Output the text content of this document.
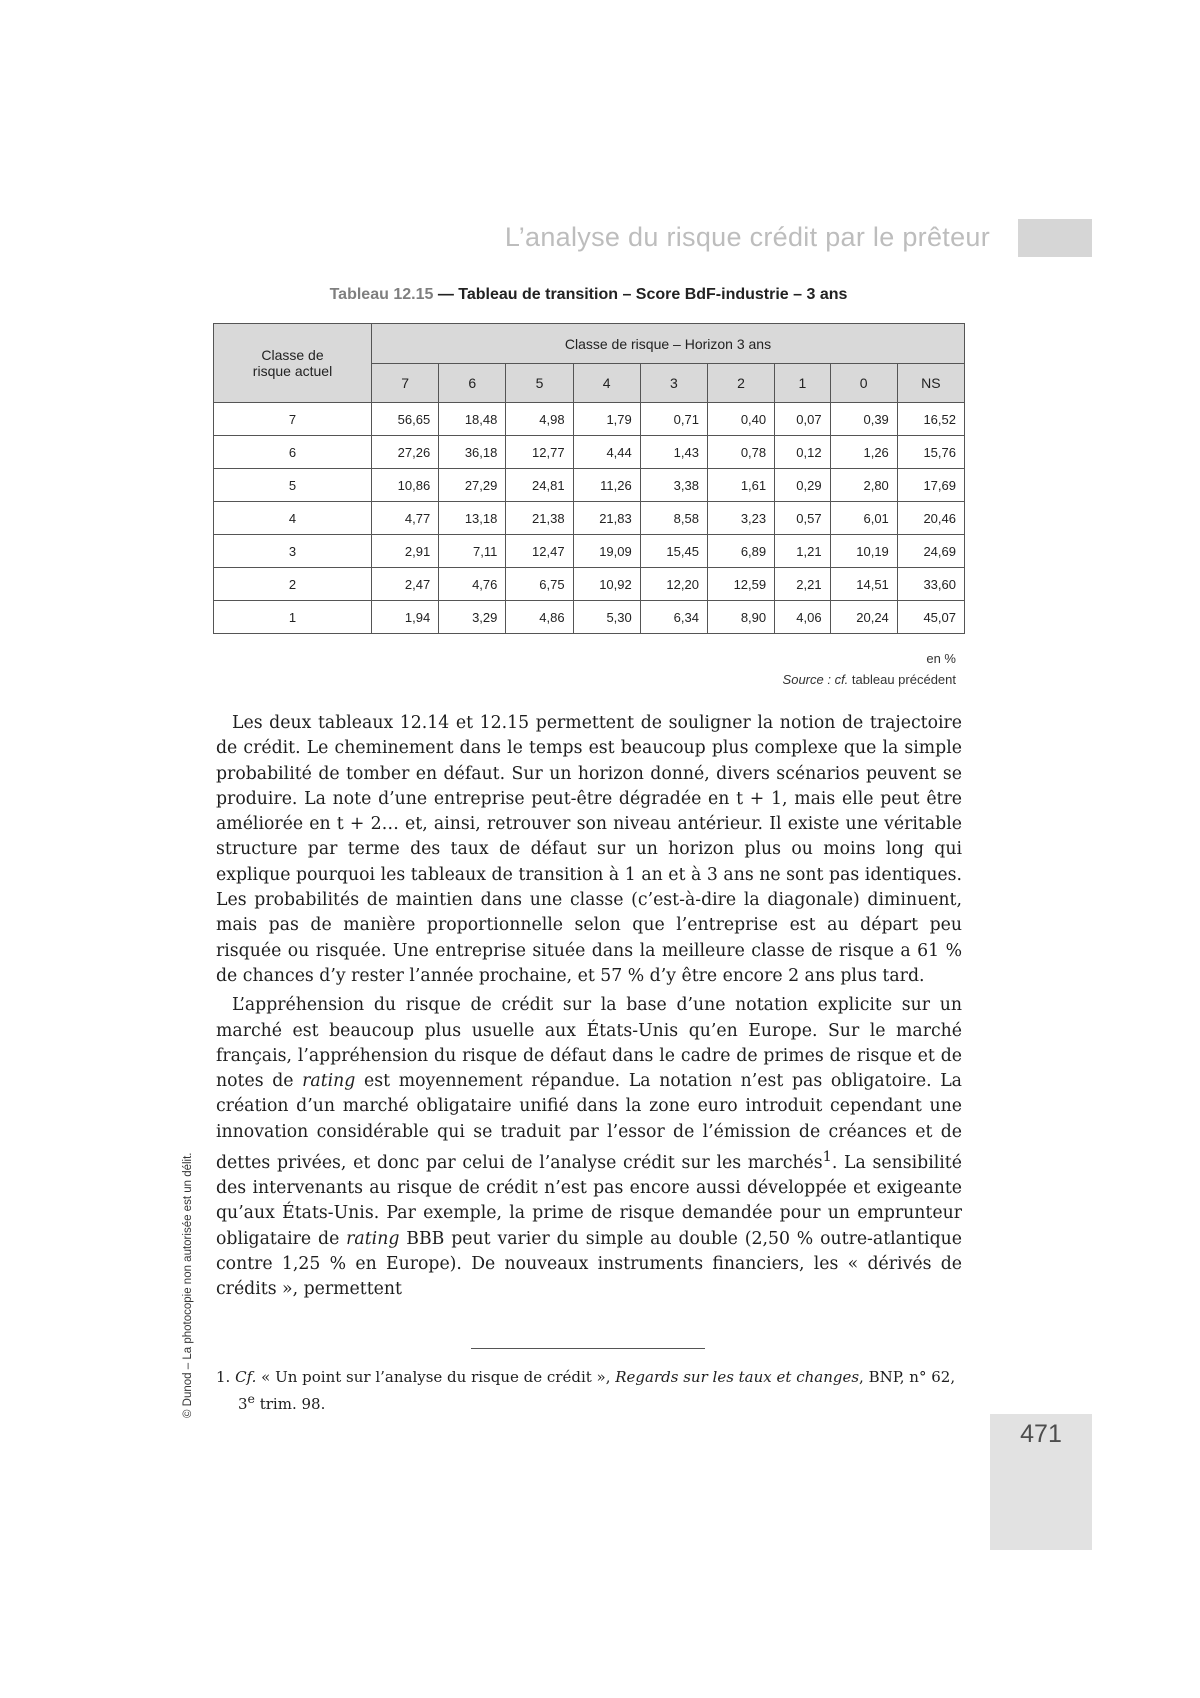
L’analyse du risque crédit par le prêteur
Tableau 12.15 — Tableau de transition – Score BdF-industrie – 3 ans
Classe de
risque actuel	Classe de risque – Horizon 3 ans								
	7	6	5	4	3	2	1	0	NS
7	56,65	18,48	4,98	1,79	0,71	0,40	0,07	0,39	16,52
6	27,26	36,18	12,77	4,44	1,43	0,78	0,12	1,26	15,76
5	10,86	27,29	24,81	11,26	3,38	1,61	0,29	2,80	17,69
4	4,77	13,18	21,38	21,83	8,58	3,23	0,57	6,01	20,46
3	2,91	7,11	12,47	19,09	15,45	6,89	1,21	10,19	24,69
2	2,47	4,76	6,75	10,92	12,20	12,59	2,21	14,51	33,60
1	1,94	3,29	4,86	5,30	6,34	8,90	4,06	20,24	45,07
en %
Source : cf. tableau précédent

Les deux tableaux 12.14 et 12.15 permettent de souligner la notion de trajectoire de crédit. Le cheminement dans le temps est beaucoup plus complexe que la simple probabilité de tomber en défaut. Sur un horizon donné, divers scénarios peuvent se produire. La note d’une entreprise peut-être dégradée en t + 1, mais elle peut être améliorée en t + 2… et, ainsi, retrouver son niveau antérieur. Il existe une véritable structure par terme des taux de défaut sur un horizon plus ou moins long qui explique pourquoi les tableaux de transition à 1 an et à 3 ans ne sont pas identiques. Les probabilités de maintien dans une classe (c’est-à-dire la diagonale) diminuent, mais pas de manière proportionnelle selon que l’entreprise est au départ peu risquée ou risquée. Une entreprise située dans la meilleure classe de risque a 61 % de chances d’y rester l’année prochaine, et 57 % d’y être encore 2 ans plus tard.

L’appréhension du risque de crédit sur la base d’une notation explicite sur un marché est beaucoup plus usuelle aux États-Unis qu’en Europe. Sur le marché français, l’appréhension du risque de défaut dans le cadre de primes de risque et de notes de rating est moyennement répandue. La notation n’est pas obligatoire. La création d’un marché obligataire unifié dans la zone euro introduit cependant une innovation considérable qui se traduit par l’essor de l’émission de créances et de dettes privées, et donc par celui de l’analyse crédit sur les marchés$^1$. La sensibilité des intervenants au risque de crédit n’est pas encore aussi développée et exigeante qu’aux États-Unis. Par exemple, la prime de risque demandée pour un emprunteur obligataire de rating BBB peut varier du simple au double (2,50 % outre-atlantique contre 1,25 % en Europe). De nouveaux instruments financiers, les « dérivés de crédits », permettent

1. Cf. « Un point sur l’analyse du risque de crédit », Regards sur les taux et changes, BNP, n° 62,
3e trim. 98.
© Dunod – La photocopie non autorisée est un délit.
471
